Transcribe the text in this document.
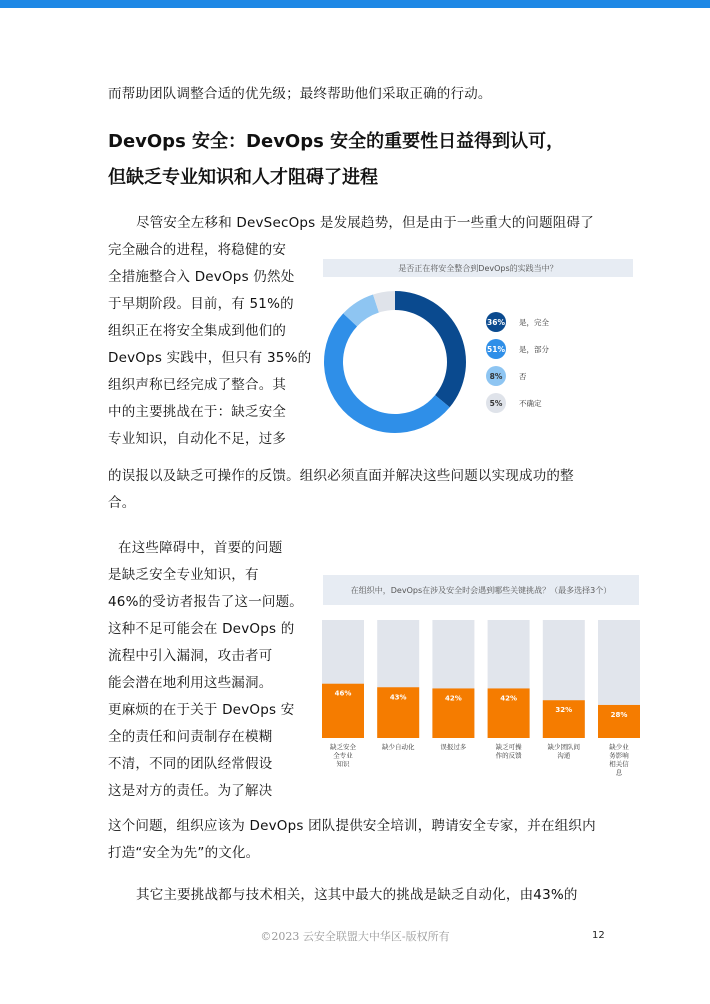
而帮助团队调整合适的优先级；最终帮助他们采取正确的行动。

DevOps 安全：DevOps 安全的重要性日益得到认可，
但缺乏专业知识和人才阻碍了进程

尽管安全左移和 DevSecOps 是发展趋势，但是由于一些重大的问题阻碍了

完全融合的进程，将稳健的安

全措施整合入 DevOps 仍然处

于早期阶段。目前，有 51%的

组织正在将安全集成到他们的

DevOps 实践中，但只有 35%的

组织声称已经完成了整合。其

中的主要挑战在于：缺乏安全

专业知识，自动化不足，过多

的误报以及缺乏可操作的反馈。组织必须直面并解决这些问题以实现成功的整

合。

是否正在将安全整合到DevOps的实践当中？
36% 是，完全
51% 是，部分
8% 否
5% 不确定

在这些障碍中，首要的问题

是缺乏安全专业知识，有

46%的受访者报告了这一问题。

这种不足可能会在 DevOps 的

流程中引入漏洞，攻击者可

能会潜在地利用这些漏洞。

更麻烦的在于关于 DevOps 安

全的责任和问责制存在模糊

不清，不同的团队经常假设

这是对方的责任。为了解决

这个问题，组织应该为 DevOps 团队提供安全培训，聘请安全专家，并在组织内

打造“安全为先”的文化。

在组织中，DevOps在涉及安全时会遇到哪些关键挑战？（最多选择3个）
46%
缺乏安全
全专业
知识
43%
缺少自动化
42%
误报过多
42%
缺乏可操
作的反馈
32%
缺少团队间
沟通
28%
缺少业
务影响
相关信
息

其它主要挑战都与技术相关，这其中最大的挑战是缺乏自动化，由43%的

©2023 云安全联盟大中华区-版权所有	12
